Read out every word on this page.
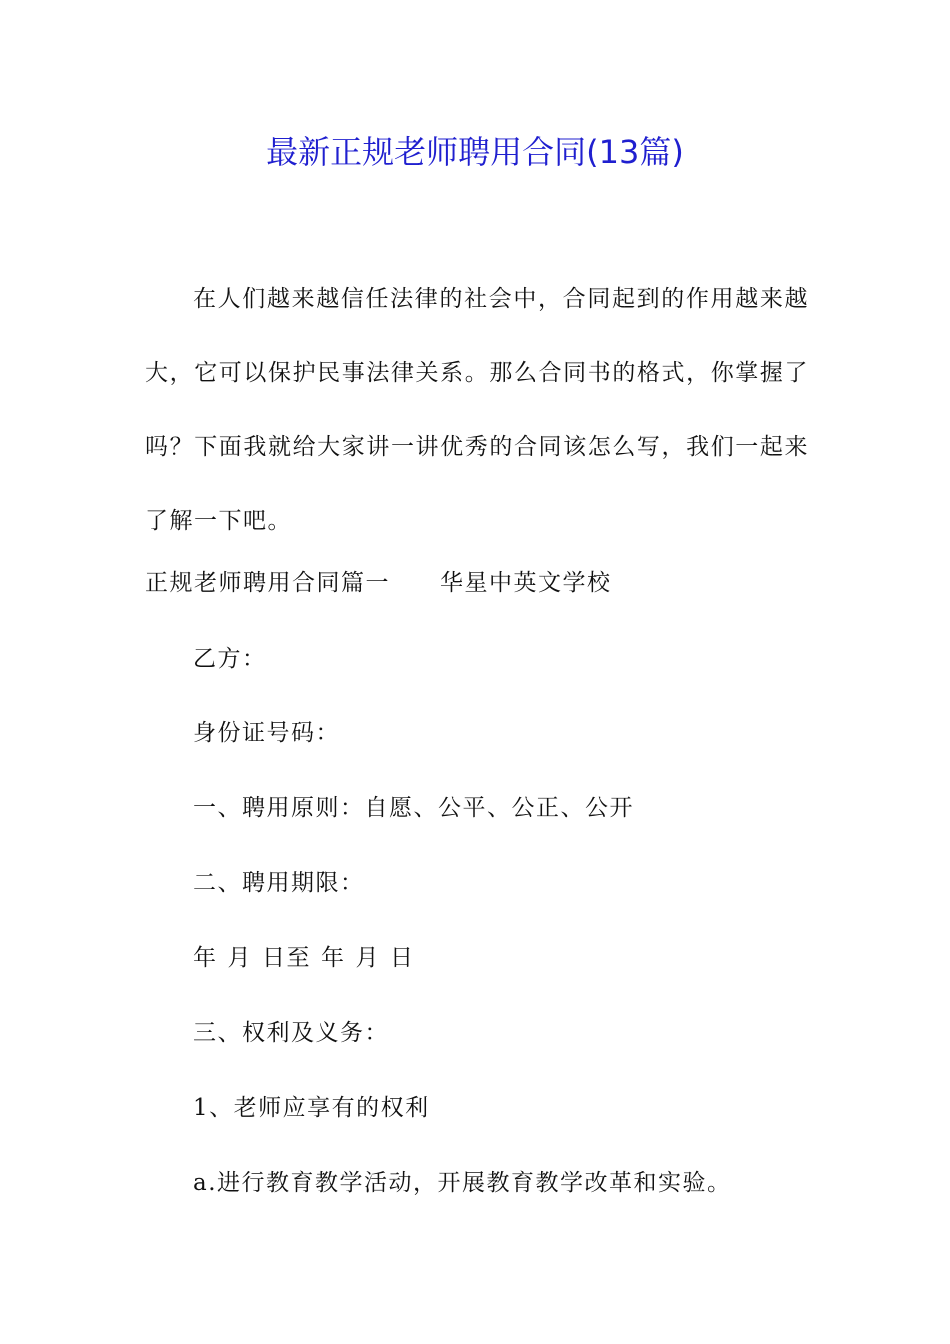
最新正规老师聘用合同(13篇)

在人们越来越信任法律的社会中，合同起到的作用越来越大，它可以保护民事法律关系。那么合同书的格式，你掌握了吗？下面我就给大家讲一讲优秀的合同该怎么写，我们一起来了解一下吧。

正规老师聘用合同篇一 华星中英文学校
乙方：
身份证号码：
一、聘用原则：自愿、公平、公正、公开
二、聘用期限：
年 月 日至 年 月 日
三、权利及义务：
1、老师应享有的权利
a.进行教育教学活动，开展教育教学改革和实验。
